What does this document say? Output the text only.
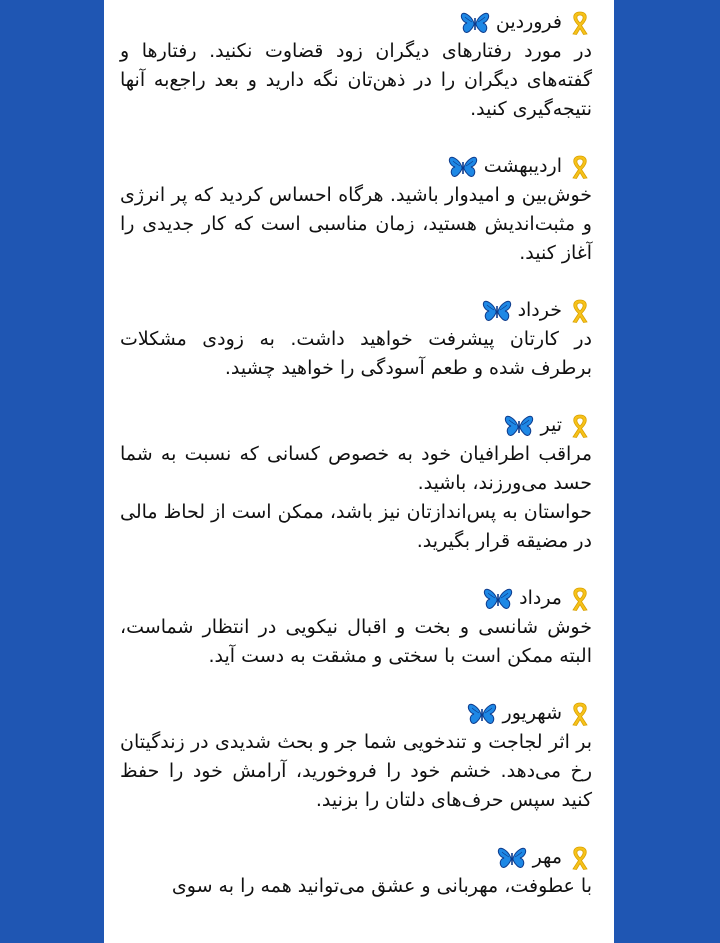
فروردین

در مورد رفتارهای دیگران زود قضاوت نکنید. رفتارها و گفته‌های دیگران را در ذهن‌تان نگه دارید و بعد راجع‌به آنها نتیجه‌گیری کنید.

اردیبهشت

خوش‌بین و امیدوار باشید. هرگاه احساس کردید که پر انرژی و مثبت‌اندیش هستید، زمان مناسبی است که کار جدیدی را آغاز کنید.

خرداد

در کارتان پیشرفت خواهید داشت. به زودی مشکلات برطرف شده و طعم آسودگی را خواهید چشید.

تیر

مراقب اطرافیان خود به خصوص کسانی که نسبت به شما حسد می‌ورزند، باشید.

حواستان به پس‌اندازتان نیز باشد، ممکن است از لحاظ مالی در مضیقه قرار بگیرید.

مرداد

خوش شانسی و بخت و اقبال نیکویی در انتظار شماست، البته ممکن است با سختی و مشقت به دست آید.

شهریور

بر اثر لجاجت و تندخویی شما جر و بحث شدیدی در زندگیتان رخ می‌دهد. خشم خود را فروخورید، آرامش خود را حفظ کنید سپس حرف‌های دلتان را بزنید.

مهر

با عطوفت، مهربانی و عشق می‌توانید همه را به سوی
